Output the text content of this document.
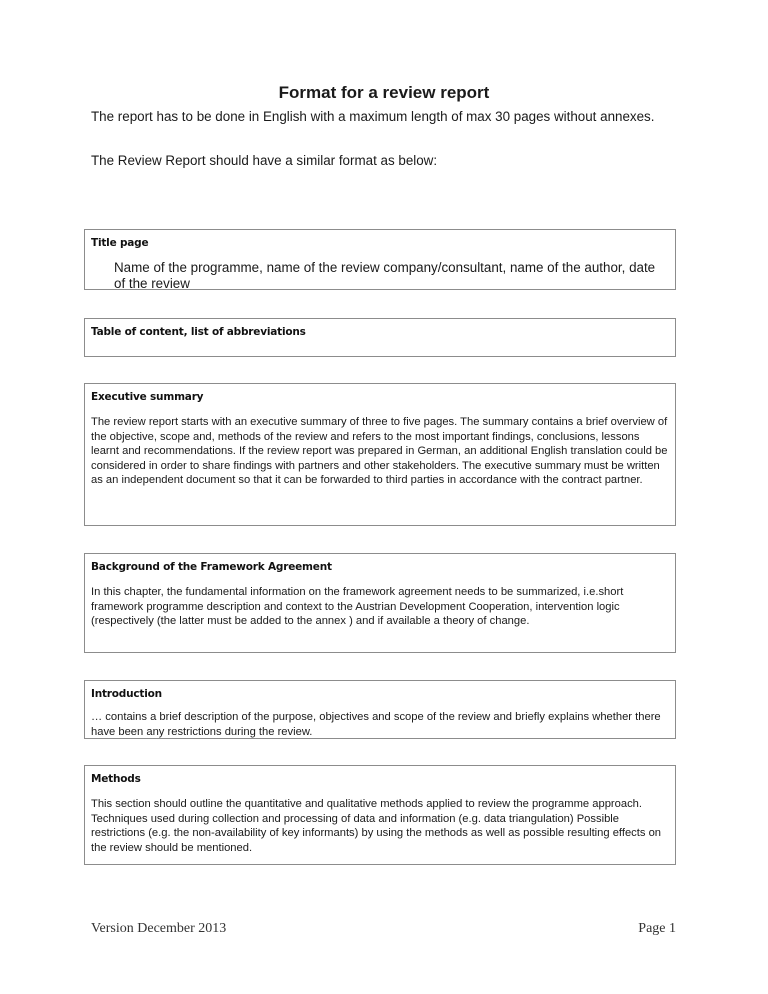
Format for a review report
The report has to be done in English with a maximum length of max 30 pages without annexes.
The Review Report should have a similar format as below:
Title page
Name of the programme, name of the review company/consultant, name of the author, date of the review
Table of content, list of abbreviations
Executive summary
The review report starts with an executive summary of three to five pages. The summary contains a brief overview of the objective, scope and, methods of the review and refers to the most important findings, conclusions, lessons learnt and recommendations. If the review report was prepared in German, an additional English translation could be considered in order to share findings with partners and other stakeholders. The executive summary must be written as an independent document so that it can be forwarded to third parties in accordance with the contract partner.
Background of the Framework Agreement
In this chapter, the fundamental information on the framework agreement needs to be summarized, i.e.short framework programme description and context to the Austrian Development Cooperation, intervention logic (respectively (the latter must be added to the annex ) and if available a theory of change.
Introduction
… contains a brief description of the purpose, objectives and scope of the review and briefly explains whether there have been any restrictions during the review.
Methods
This section should outline the quantitative and qualitative methods applied to review the programme approach. Techniques used during collection and processing of data and information (e.g. data triangulation) Possible restrictions (e.g. the non-availability of key informants) by using the methods as well as possible resulting effects on the review should be mentioned.
Version December 2013	Page 1
